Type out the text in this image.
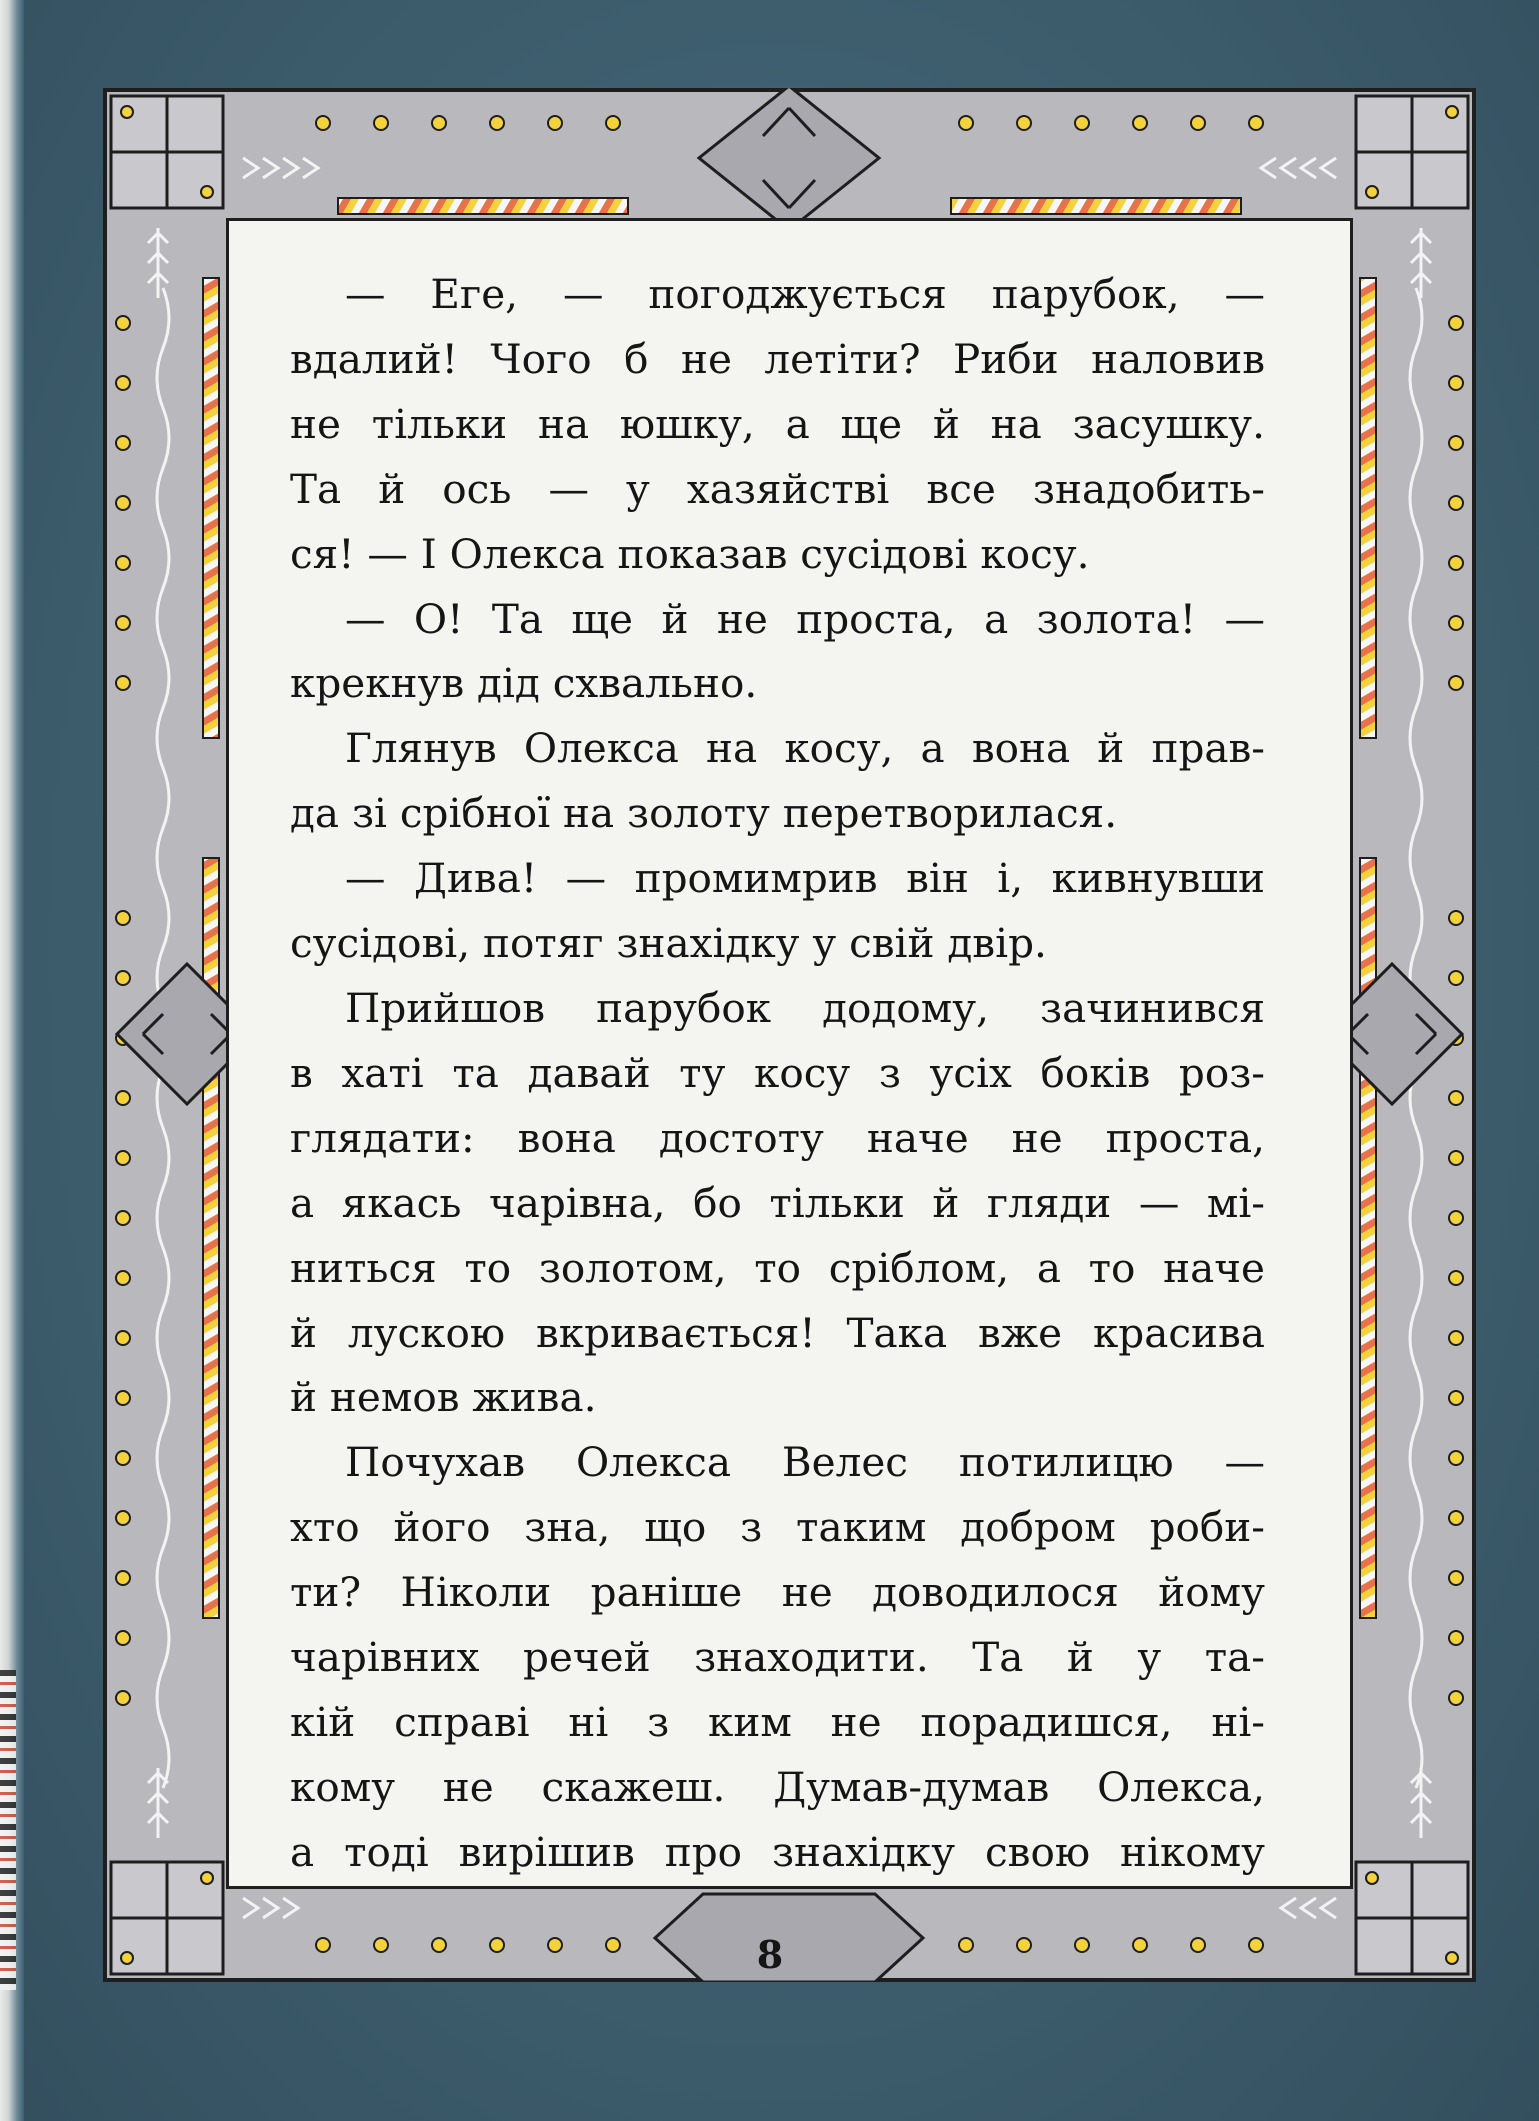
— Еге, — погоджується парубок, —
вдалий! Чого б не летіти? Риби наловив
не тільки на юшку, а ще й на засушку.
Та й ось — у хазяйстві все знадобить-
ся! — І Олекса показав сусідові косу.
— О! Та ще й не проста, а золота! —
крекнув дід схвально.
Глянув Олекса на косу, а вона й прав-
да зі срібної на золоту перетворилася.
— Дива! — промимрив він і, кивнувши
сусідові, потяг знахідку у свій двір.
Прийшов парубок додому, зачинився
в хаті та давай ту косу з усіх боків роз-
глядати: вона достоту наче не проста,
а якась чарівна, бо тільки й гляди — мі-
ниться то золотом, то сріблом, а то наче
й лускою вкривається! Така вже красива
й немов жива.
Почухав Олекса Велес потилицю —
хто його зна, що з таким добром роби-
ти? Ніколи раніше не доводилося йому
чарівних речей знаходити. Та й у та-
кій справі ні з ким не порадишся, ні-
кому не скажеш. Думав-думав Олекса,
а тоді вирішив про знахідку свою нікому
8
